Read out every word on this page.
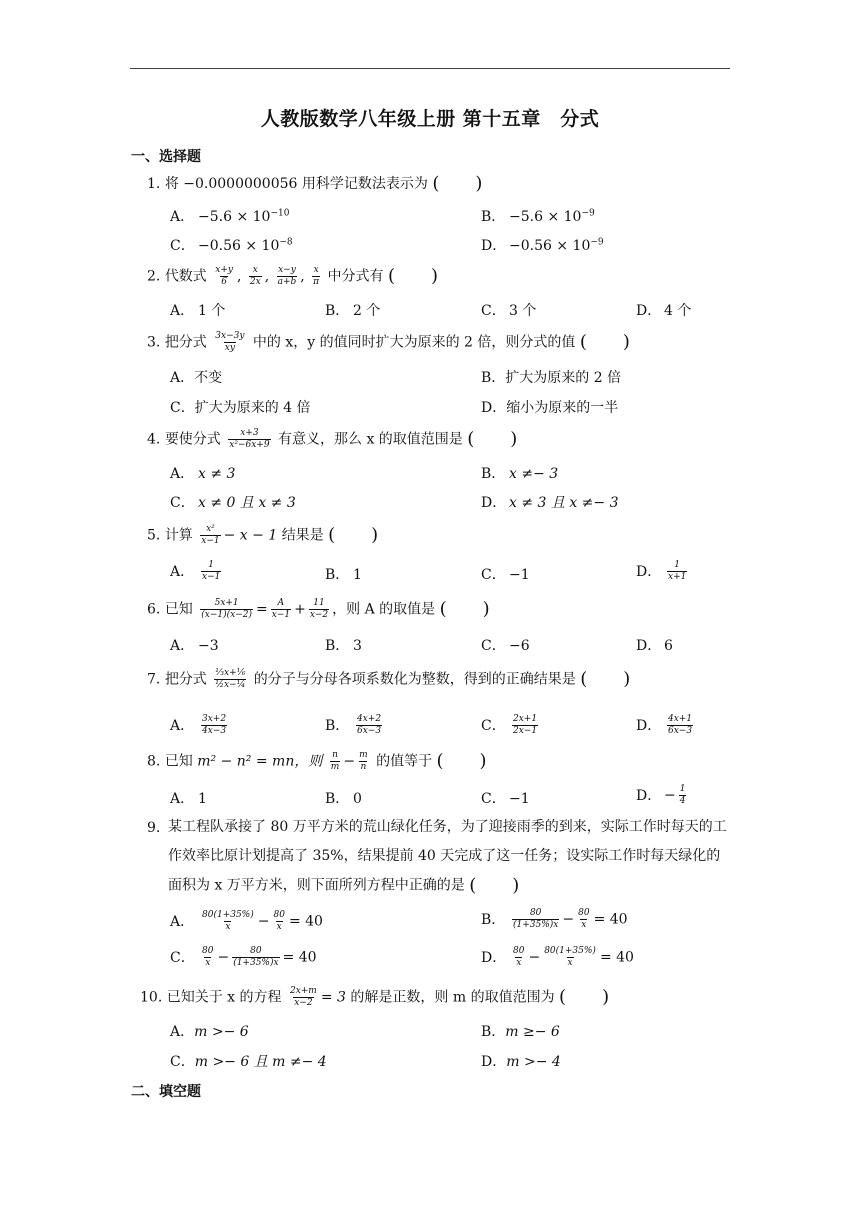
人教版数学八年级上册 第十五章　分式
一、选择题
1. 将 −0.0000000056 用科学记数法表示为 (　　)
A． $-5.6 \times 10^{-10}$	B． $-5.6 \times 10^{-9}$
C． $-0.56 \times 10^{-8}$	D． $-0.56 \times 10^{-9}$
2. 代数式 $\frac{x+y}{6}$ , $\frac{x}{2x}$ , $\frac{x-y}{a+b}$ , $\frac{x}{\pi}$ 中分式有 (　　)
A． 1 个	B． 2 个	C． 3 个	D． 4 个
3. 把分式 $\frac{3x-3y}{xy}$ 中的 x，y 的值同时扩大为原来的 2 倍，则分式的值 (　　)
A．不变	B．扩大为原来的 2 倍
C．扩大为原来的 4 倍	D．缩小为原来的一半
4. 要使分式 $\frac{x+3}{\text{x²−6x+9}}$ 有意义，那么 x 的取值范围是 (　　)
A． x ≠ 3	B． x ≠− 3
C． x ≠ 0 且 x ≠ 3	D． x ≠ 3 且 x ≠− 3
5. 计算 $\frac{\text{x²}}{x-1} - x - 1$ 结果是 (　　)
A． $\frac{1}{x-1}$	B． 1	C． −1	D． $\frac{1}{x+1}$
6. 已知 $\frac{5x+1}{(x-1)(x-2)} = \frac{A}{x-1} + \frac{11}{x-2}$ ，则 A 的取值是 (　　)
A． −3	B． 3	C． −6	D． 6
7. 把分式 $\frac{\text{⅓x+⅙}}{\text{½x−¼}}$ 的分子与分母各项系数化为整数，得到的正确结果是 (　　)
A． $\frac{3x+2}{4x-3}$	B． $\frac{4x+2}{6x-3}$	C． $\frac{2x+1}{2x-1}$	D． $\frac{4x+1}{6x-3}$
8. 已知 m² − n² = mn，则 $\frac{n}{m} - \frac{m}{n}$ 的值等于 (　　)
A． 1	B． 0	C． −1	D． − $\frac{1}{4}$
9. 某工程队承接了 80 万平方米的荒山绿化任务，为了迎接雨季的到来，实际工作时每天的工作效率比原计划提高了 35%，结果提前 40 天完成了这一任务；设实际工作时每天绿化的面积为 x 万平方米，则下面所列方程中正确的是 (　　)
A． $\frac{80(1+35\%)}{x} - \frac{80}{x} = 40$	B． $\frac{80}{(1+35\%)x} - \frac{80}{x} = 40$
C． $\frac{80}{x} - \frac{80}{(1+35\%)x} = 40$	D． $\frac{80}{x} - \frac{80(1+35\%)}{x} = 40$
10. 已知关于 x 的方程 $\frac{2x+m}{x-2} = 3$ 的解是正数，则 m 的取值范围为 (　　)
A．m >− 6	B．m ≥− 6
C．m >− 6 且 m ≠− 4	D．m >− 4
二、填空题
